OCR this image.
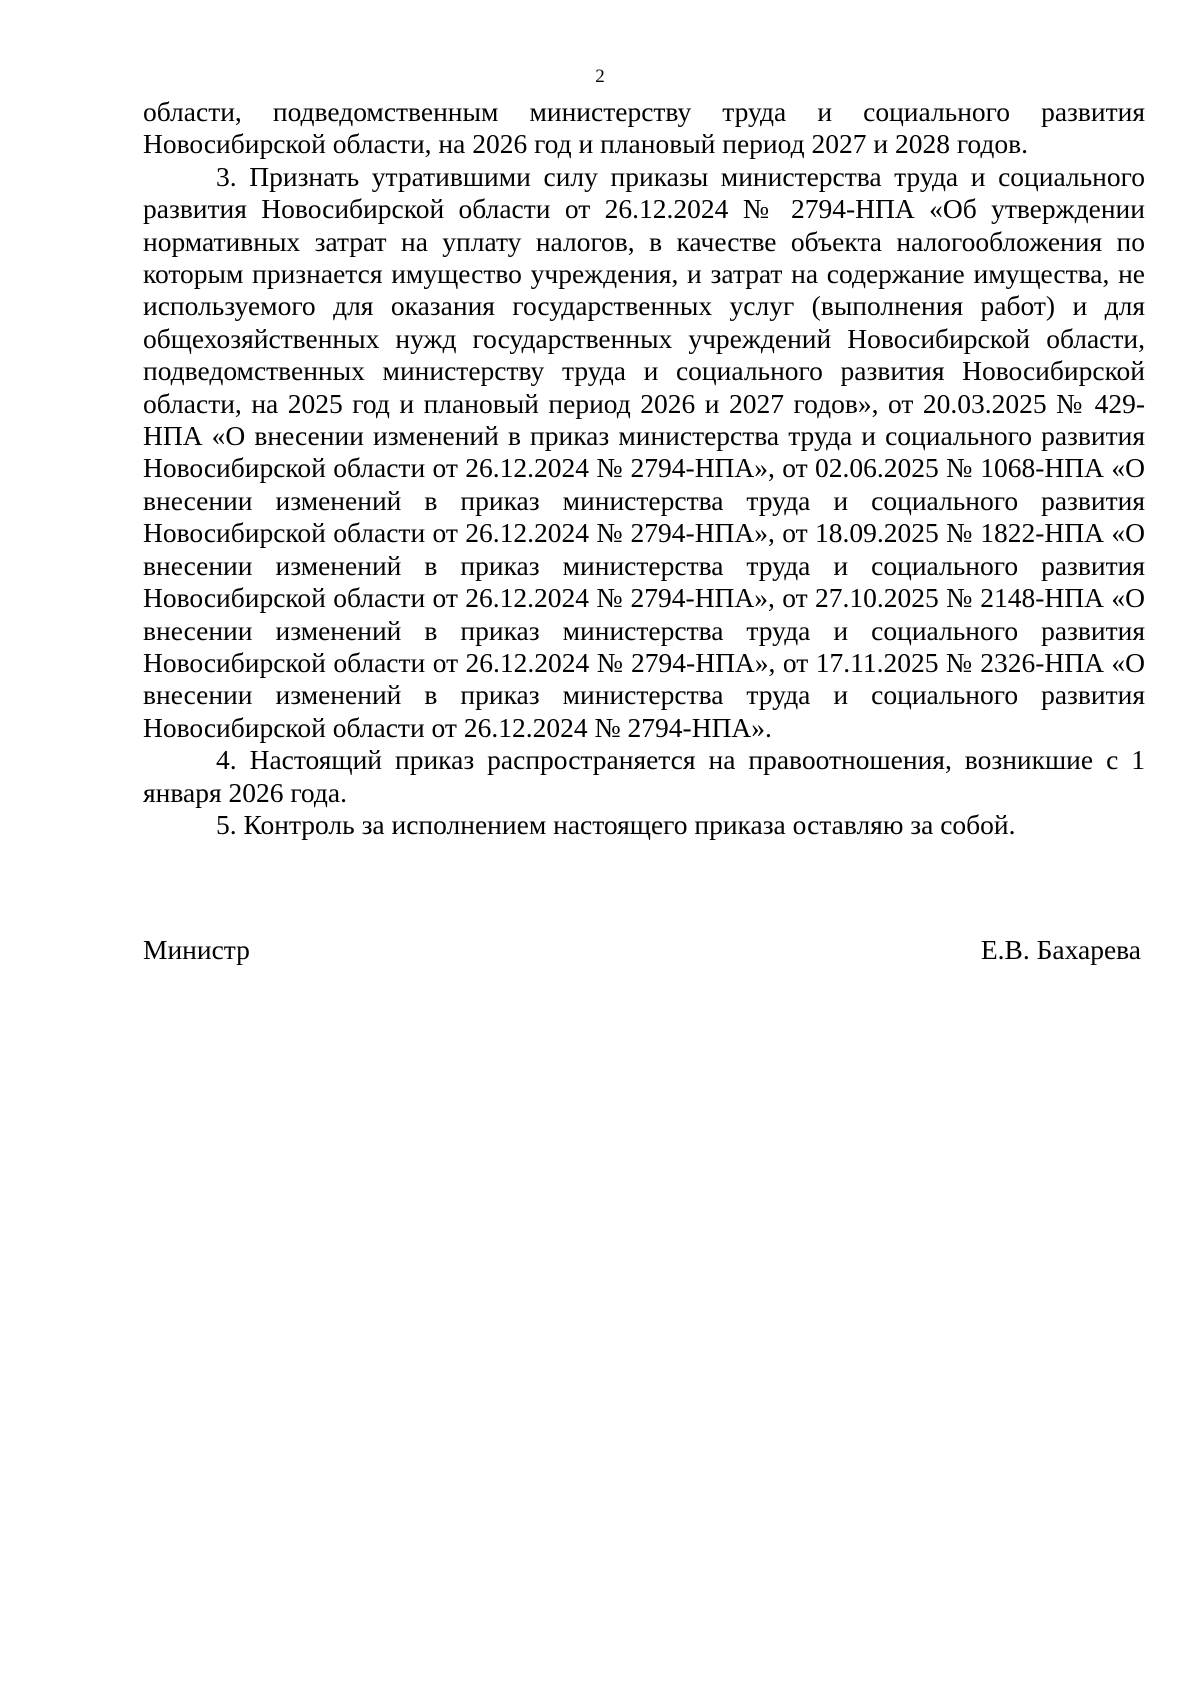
2

области, подведомственным министерству труда и социального развития Новосибирской области, на 2026 год и плановый период 2027 и 2028 годов.

3. Признать утратившими силу приказы министерства труда и социального развития Новосибирской области от 26.12.2024 № 2794-НПА «Об утверждении нормативных затрат на уплату налогов, в качестве объекта налогообложения по которым признается имущество учреждения, и затрат на содержание имущества, не используемого для оказания государственных услуг (выполнения работ) и для общехозяйственных нужд государственных учреждений Новосибирской области, подведомственных министерству труда и социального развития Новосибирской области, на 2025 год и плановый период 2026 и 2027 годов», от 20.03.2025 № 429-НПА «О внесении изменений в приказ министерства труда и социального развития Новосибирской области от 26.12.2024 № 2794-НПА», от 02.06.2025 № 1068-НПА «О внесении изменений в приказ министерства труда и социального развития Новосибирской области от 26.12.2024 № 2794-НПА», от 18.09.2025 № 1822-НПА «О внесении изменений в приказ министерства труда и социального развития Новосибирской области от 26.12.2024 № 2794-НПА», от 27.10.2025 № 2148-НПА «О внесении изменений в приказ министерства труда и социального развития Новосибирской области от 26.12.2024 № 2794-НПА», от 17.11.2025 № 2326-НПА «О внесении изменений в приказ министерства труда и социального развития Новосибирской области от 26.12.2024 № 2794-НПА».

4. Настоящий приказ распространяется на правоотношения, возникшие с 1 января 2026 года.

5. Контроль за исполнением настоящего приказа оставляю за собой.

Министр	Е.В. Бахарева
